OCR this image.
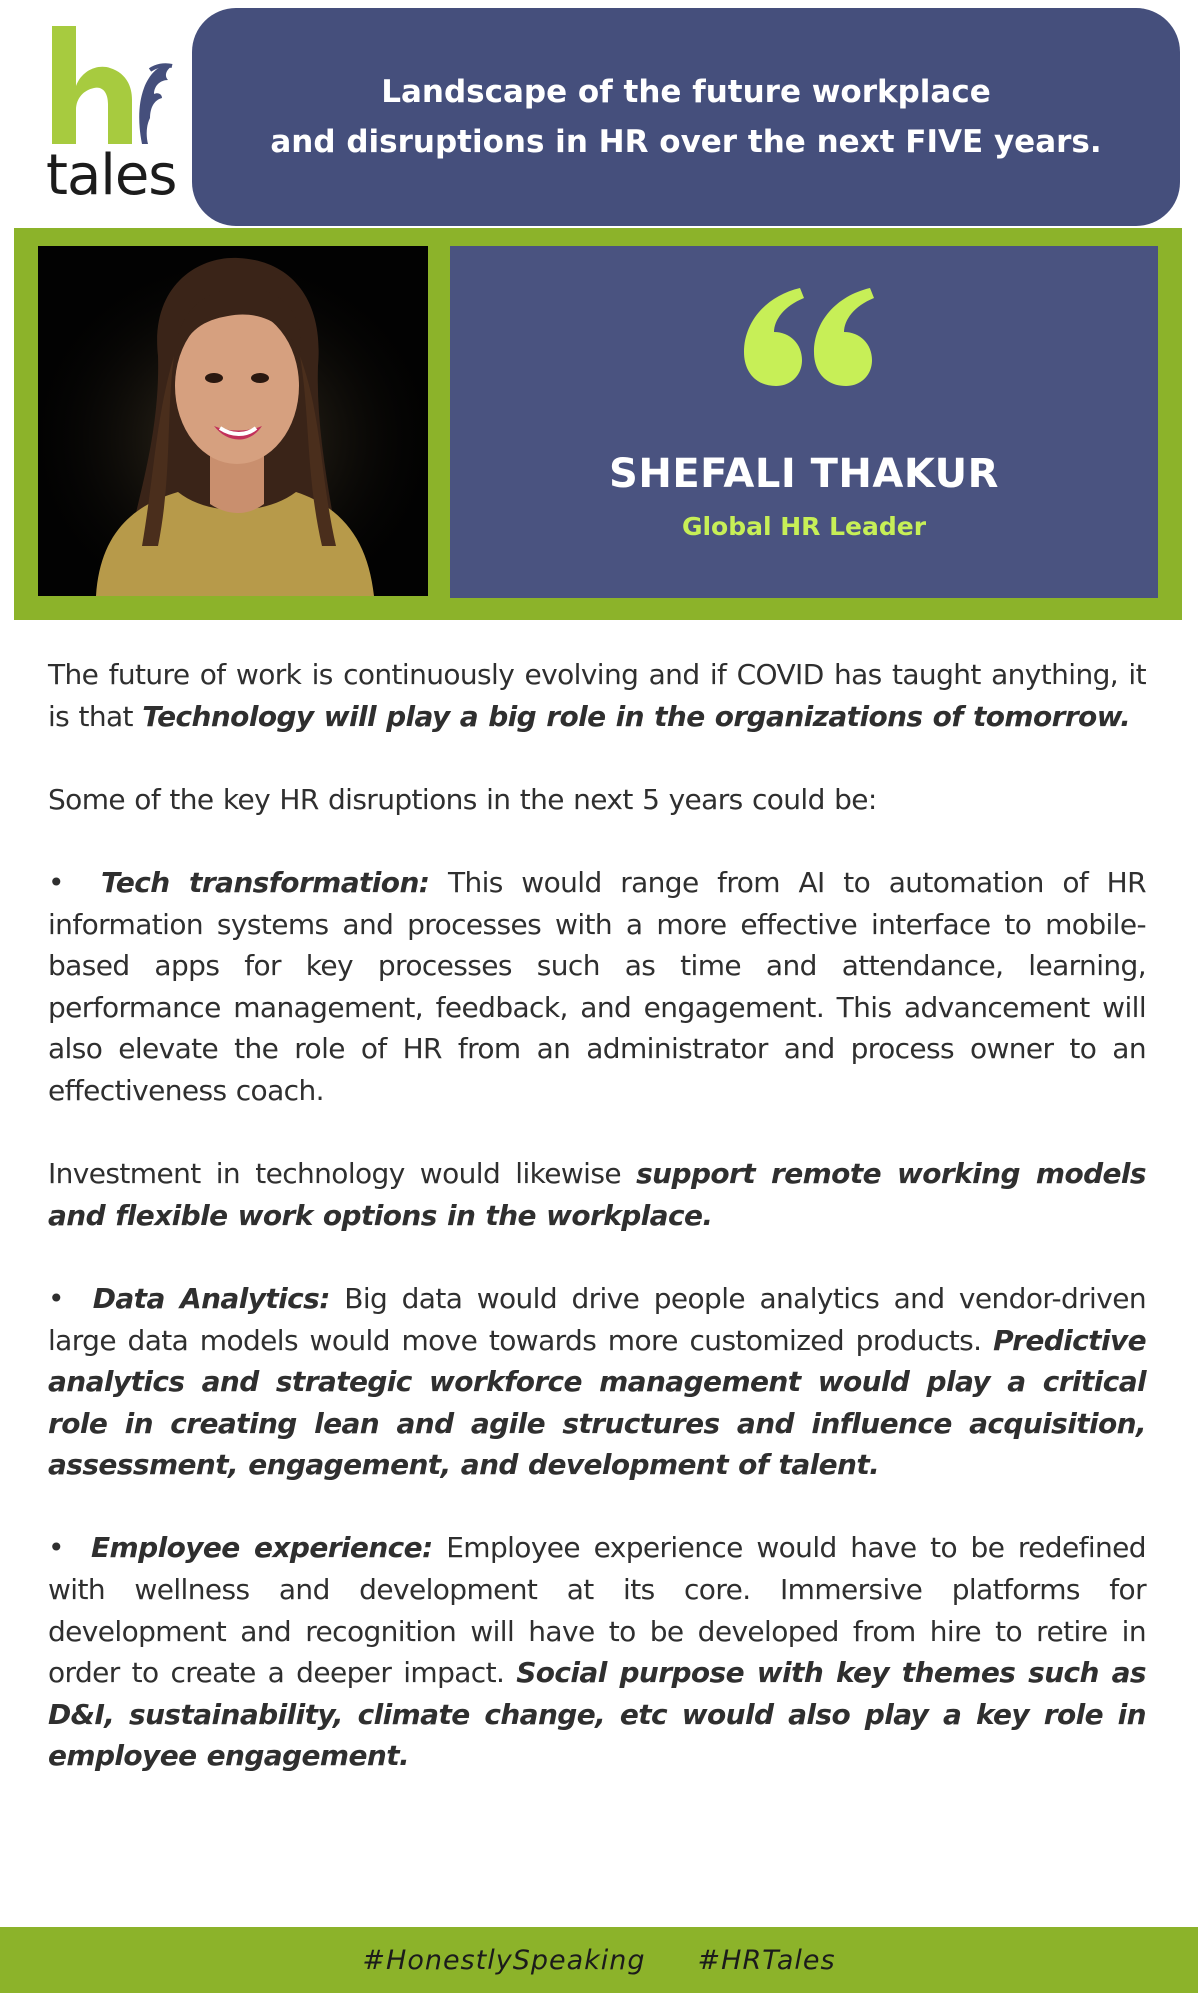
tales
Landscape of the future workplace
and disruptions in HR over the next FIVE years.
SHEFALI THAKUR
Global HR Leader

The future of work is continuously evolving and if COVID has taught anything, it is that Technology will play a big role in the organizations of tomorrow.

Some of the key HR disruptions in the next 5 years could be:

• Tech transformation: This would range from AI to automation of HR information systems and processes with a more effective interface to mobile-based apps for key processes such as time and attendance, learning, performance management, feedback, and engagement. This advancement will also elevate the role of HR from an administrator and process owner to an effectiveness coach.

Investment in technology would likewise support remote working models and flexible work options in the workplace.

• Data Analytics: Big data would drive people analytics and vendor-driven large data models would move towards more customized products. Predictive analytics and strategic workforce management would play a critical role in creating lean and agile structures and influence acquisition, assessment, engagement, and development of talent.

• Employee experience: Employee experience would have to be redefined with wellness and development at its core. Immersive platforms for development and recognition will have to be developed from hire to retire in order to create a deeper impact. Social purpose with key themes such as D&I, sustainability, climate change, etc would also play a key role in employee engagement.

#HonestlySpeaking #HRTales
